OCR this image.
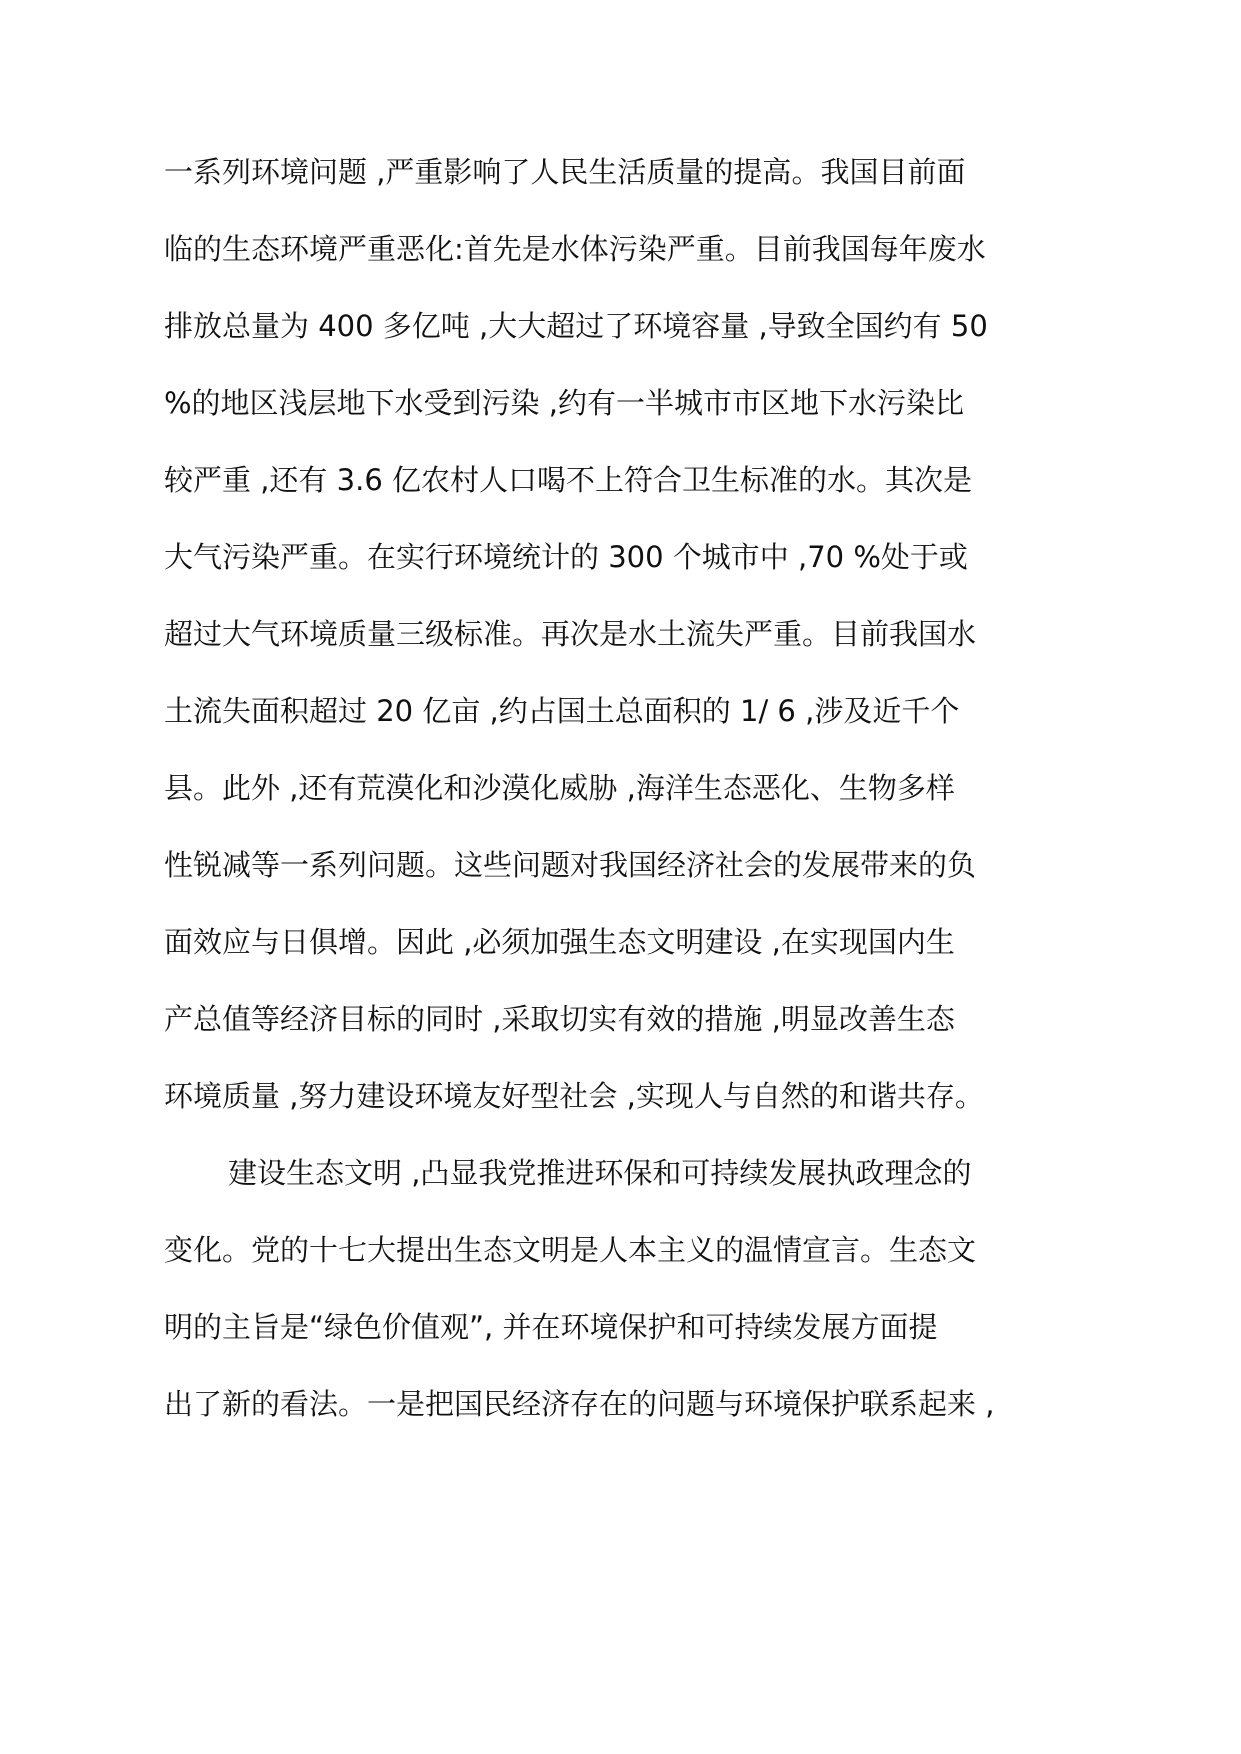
一系列环境问题 ,严重影响了人民生活质量的提高。我国目前面
临的生态环境严重恶化:首先是水体污染严重。目前我国每年废水
排放总量为 400 多亿吨 ,大大超过了环境容量 ,导致全国约有 50
%的地区浅层地下水受到污染 ,约有一半城市市区地下水污染比
较严重 ,还有 3.6 亿农村人口喝不上符合卫生标准的水。其次是
大气污染严重。在实行环境统计的 300 个城市中 ,70 %处于或
超过大气环境质量三级标准。再次是水土流失严重。目前我国水
土流失面积超过 20 亿亩 ,约占国土总面积的 1/ 6 ,涉及近千个
县。此外 ,还有荒漠化和沙漠化威胁 ,海洋生态恶化、生物多样
性锐减等一系列问题。这些问题对我国经济社会的发展带来的负
面效应与日俱增。因此 ,必须加强生态文明建设 ,在实现国内生
产总值等经济目标的同时 ,采取切实有效的措施 ,明显改善生态
环境质量 ,努力建设环境友好型社会 ,实现人与自然的和谐共存。
建设生态文明 ,凸显我党推进环保和可持续发展执政理念的
变化。党的十七大提出生态文明是人本主义的温情宣言。生态文
明的主旨是“绿色价值观”, 并在环境保护和可持续发展方面提
出了新的看法。一是把国民经济存在的问题与环境保护联系起来 ,
